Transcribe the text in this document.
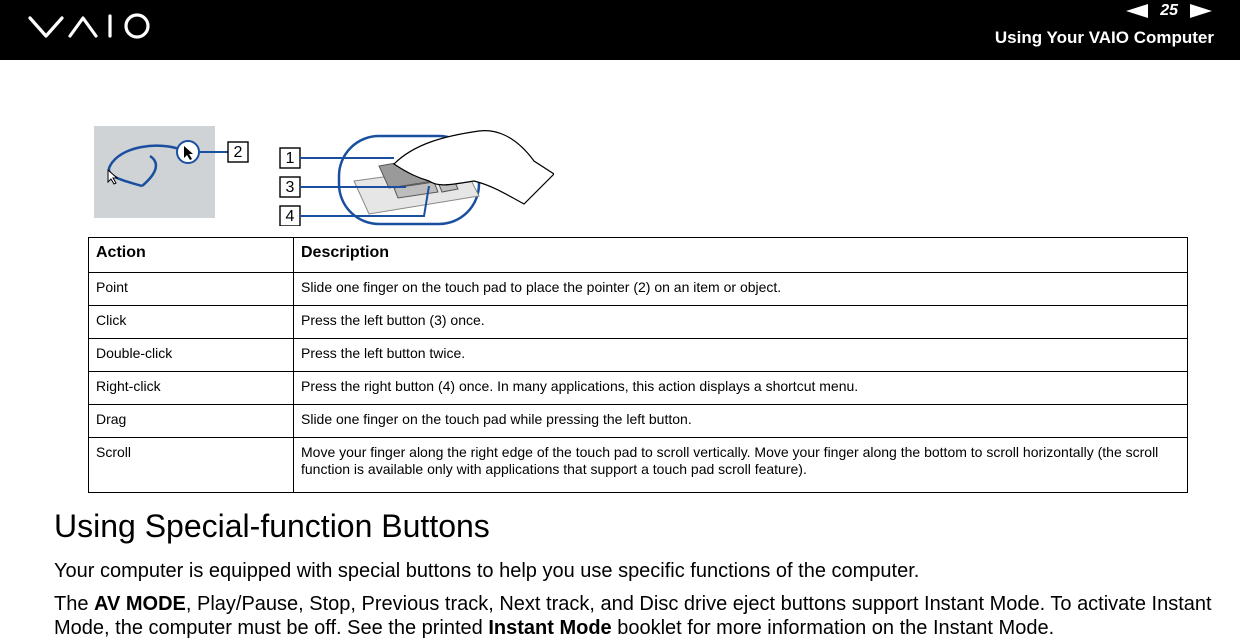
25
Using Your VAIO Computer
2	1
3
4
Action	Description
Point	Slide one finger on the touch pad to place the pointer (2) on an item or object.
Click	Press the left button (3) once.
Double-click	Press the left button twice.
Right-click	Press the right button (4) once. In many applications, this action displays a shortcut menu.
Drag	Slide one finger on the touch pad while pressing the left button.
Scroll	Move your finger along the right edge of the touch pad to scroll vertically. Move your finger along the bottom to scroll horizontally (the scroll function is available only with applications that support a touch pad scroll feature).
Using Special-function Buttons
Your computer is equipped with special buttons to help you use specific functions of the computer.
The AV MODE, Play/Pause, Stop, Previous track, Next track, and Disc drive eject buttons support Instant Mode. To activate Instant Mode, the computer must be off. See the printed Instant Mode booklet for more information on the Instant Mode.
